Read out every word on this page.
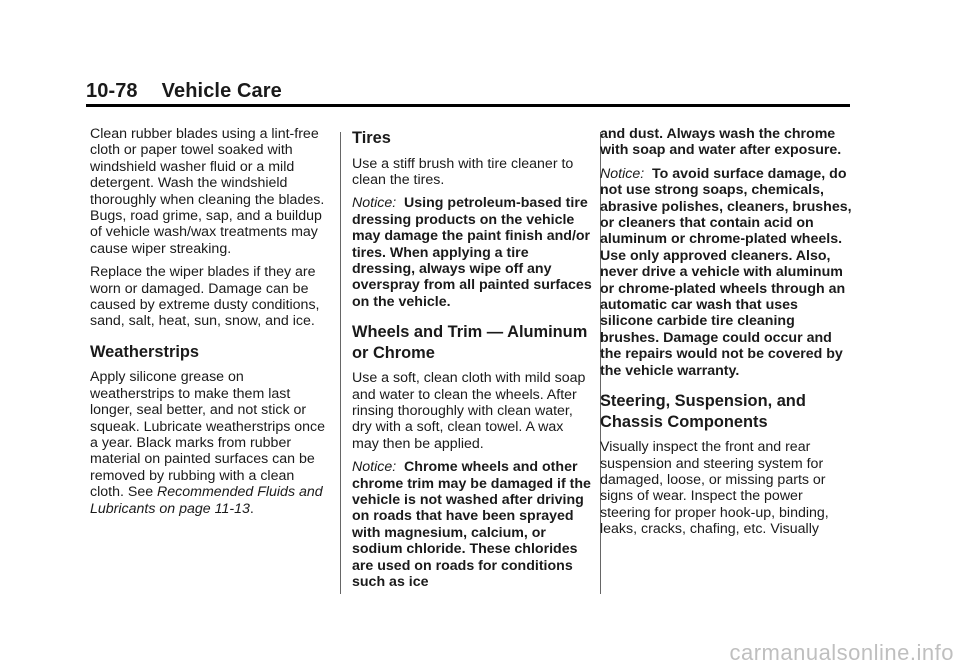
10-78 Vehicle Care

Clean rubber blades using a lint-free cloth or paper towel soaked with windshield washer fluid or a mild detergent. Wash the windshield thoroughly when cleaning the blades. Bugs, road grime, sap, and a buildup of vehicle wash/wax treatments may cause wiper streaking.

Replace the wiper blades if they are worn or damaged. Damage can be caused by extreme dusty conditions, sand, salt, heat, sun, snow, and ice.

Weatherstrips

Apply silicone grease on weatherstrips to make them last longer, seal better, and not stick or squeak. Lubricate weatherstrips once a year. Black marks from rubber material on painted surfaces can be removed by rubbing with a clean cloth. See Recommended Fluids and Lubricants on page 11-13.

Tires

Use a stiff brush with tire cleaner to clean the tires.

Notice: Using petroleum-based tire dressing products on the vehicle may damage the paint finish and/or tires. When applying a tire dressing, always wipe off any overspray from all painted surfaces on the vehicle.

Wheels and Trim — Aluminum or Chrome

Use a soft, clean cloth with mild soap and water to clean the wheels. After rinsing thoroughly with clean water, dry with a soft, clean towel. A wax may then be applied.

Notice: Chrome wheels and other chrome trim may be damaged if the vehicle is not washed after driving on roads that have been sprayed with magnesium, calcium, or sodium chloride. These chlorides are used on roads for conditions such as ice

and dust. Always wash the chrome with soap and water after exposure.

Notice: To avoid surface damage, do not use strong soaps, chemicals, abrasive polishes, cleaners, brushes, or cleaners that contain acid on aluminum or chrome-plated wheels. Use only approved cleaners. Also, never drive a vehicle with aluminum or chrome-plated wheels through an automatic car wash that uses silicone carbide tire cleaning brushes. Damage could occur and the repairs would not be covered by the vehicle warranty.

Steering, Suspension, and Chassis Components

Visually inspect the front and rear suspension and steering system for damaged, loose, or missing parts or signs of wear. Inspect the power steering for proper hook-up, binding, leaks, cracks, chafing, etc. Visually

carmanualsonline.info
